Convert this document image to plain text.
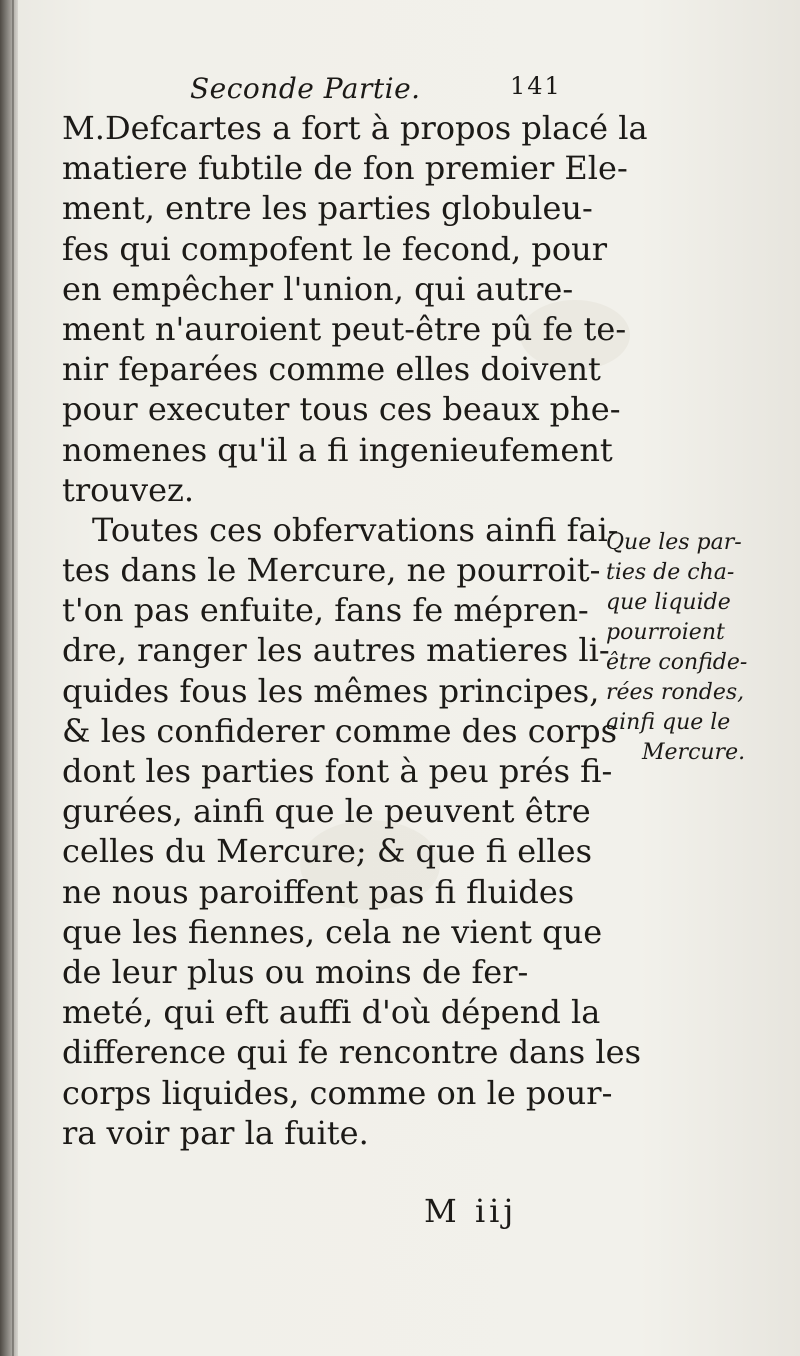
Seconde Partie.	141
M.Defcartes a fort à propos placé la
matiere fubtile de fon premier Ele-
ment, entre les parties globuleu-
fes qui compofent le fecond, pour
en empêcher l'union, qui autre-
ment n'auroient peut-être pû fe te-
nir feparées comme elles doivent
pour executer tous ces beaux phe-
nomenes qu'il a fi ingenieufement
trouvez.
Toutes ces obfervations ainfi fai-
tes dans le Mercure, ne pourroit-
t'on pas enfuite, fans fe mépren-
dre, ranger les autres matieres li-
quides fous les mêmes principes,
& les confiderer comme des corps
dont les parties font à peu prés fi-
gurées, ainfi que le peuvent être
celles du Mercure; & que fi elles
ne nous paroiffent pas fi fluides
que les fiennes, cela ne vient que
de leur plus ou moins de fer-
meté, qui eft auffi d'où dépend la
difference qui fe rencontre dans les
corps liquides, comme on le pour-
ra voir par la fuite.
Que les par-
ties de cha-
que liquide
pourroient
être confide-
rées rondes,
ainfi que le
Mercure.
M iij
